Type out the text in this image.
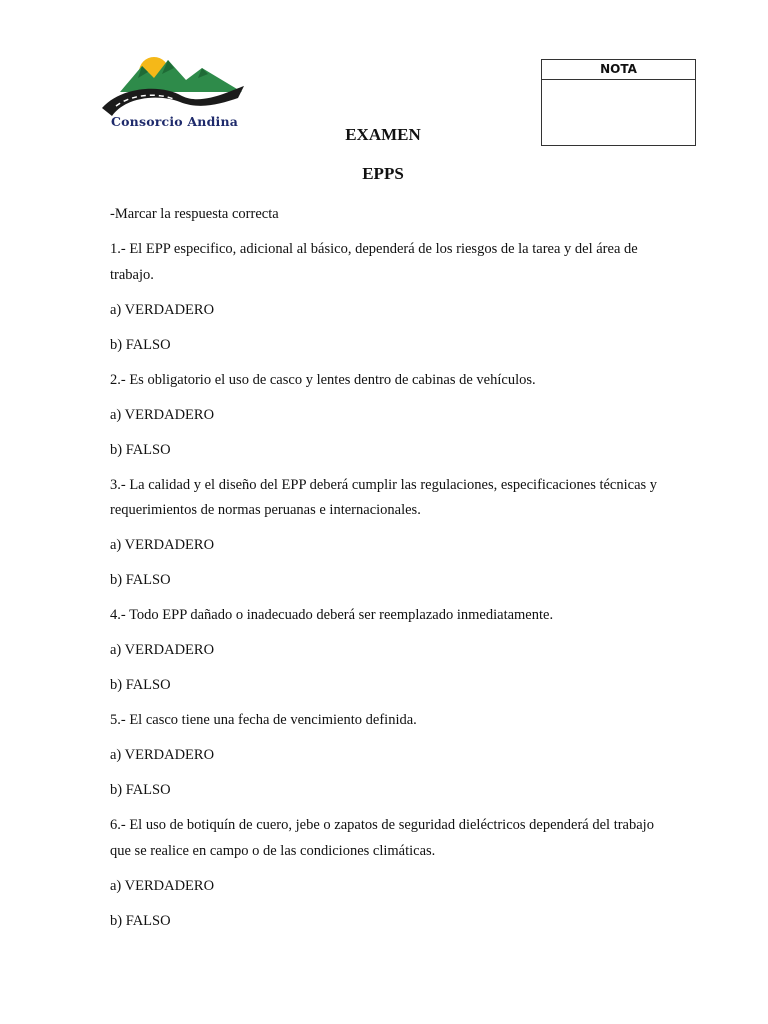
Consorcio Andina
NOTA
EXAMEN
EPPS

-Marcar la respuesta correcta

1.- El EPP especifico, adicional al básico, dependerá de los riesgos de la tarea y del área de trabajo.

a) VERDADERO

b) FALSO

2.- Es obligatorio el uso de casco y lentes dentro de cabinas de vehículos.

a) VERDADERO

b) FALSO

3.- La calidad y el diseño del EPP deberá cumplir las regulaciones, especificaciones técnicas y requerimientos de normas peruanas e internacionales.

a) VERDADERO

b) FALSO

4.- Todo EPP dañado o inadecuado deberá ser reemplazado inmediatamente.

a) VERDADERO

b) FALSO

5.- El casco tiene una fecha de vencimiento definida.

a) VERDADERO

b) FALSO

6.- El uso de botiquín de cuero, jebe o zapatos de seguridad dieléctricos dependerá del trabajo que se realice en campo o de las condiciones climáticas.

a) VERDADERO

b) FALSO
